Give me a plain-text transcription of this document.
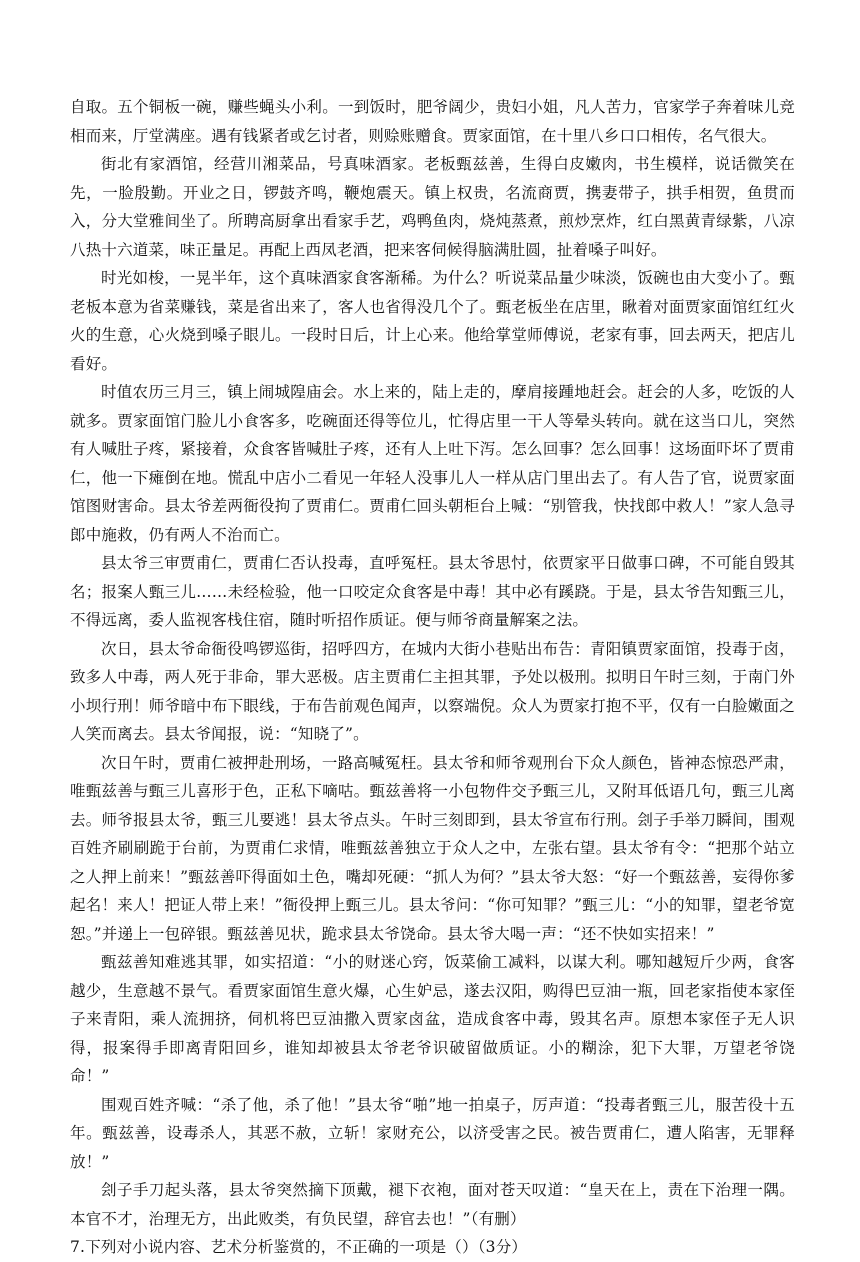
自取。五个铜板一碗，赚些蝇头小利。一到饭时，肥爷阔少，贵妇小姐，凡人苦力，官家学子奔着味儿竞相而来，厅堂满座。遇有钱紧者或乞讨者，则赊账赠食。贾家面馆，在十里八乡口口相传，名气很大。

街北有家酒馆，经营川湘菜品，号真味酒家。老板甄兹善，生得白皮嫩肉，书生模样，说话微笑在先，一脸殷勤。开业之日，锣鼓齐鸣，鞭炮震天。镇上权贵，名流商贾，携妻带子，拱手相贺，鱼贯而入，分大堂雅间坐了。所聘高厨拿出看家手艺，鸡鸭鱼肉，烧炖蒸煮，煎炒烹炸，红白黑黄青绿紫，八凉八热十六道菜，味正量足。再配上西凤老酒，把来客伺候得脑满肚圆，扯着嗓子叫好。

时光如梭，一晃半年，这个真味酒家食客渐稀。为什么？听说菜品量少味淡，饭碗也由大变小了。甄老板本意为省菜赚钱，菜是省出来了，客人也省得没几个了。甄老板坐在店里，瞅着对面贾家面馆红红火火的生意，心火烧到嗓子眼儿。一段时日后，计上心来。他给掌堂师傅说，老家有事，回去两天，把店儿看好。

时值农历三月三，镇上闹城隍庙会。水上来的，陆上走的，摩肩接踵地赶会。赶会的人多，吃饭的人就多。贾家面馆门脸儿小食客多，吃碗面还得等位儿，忙得店里一干人等晕头转向。就在这当口儿，突然有人喊肚子疼，紧接着，众食客皆喊肚子疼，还有人上吐下泻。怎么回事？怎么回事！这场面吓坏了贾甫仁，他一下瘫倒在地。慌乱中店小二看见一年轻人没事儿人一样从店门里出去了。有人告了官，说贾家面馆图财害命。县太爷差两衙役拘了贾甫仁。贾甫仁回头朝柜台上喊：“别管我，快找郎中救人！”家人急寻郎中施救，仍有两人不治而亡。

县太爷三审贾甫仁，贾甫仁否认投毒，直呼冤枉。县太爷思忖，依贾家平日做事口碑，不可能自毁其名；报案人甄三儿……未经检验，他一口咬定众食客是中毒！其中必有蹊跷。于是，县太爷告知甄三儿，不得远离，委人监视客栈住宿，随时听招作质证。便与师爷商量解案之法。

次日，县太爷命衙役鸣锣巡街，招呼四方，在城内大街小巷贴出布告：青阳镇贾家面馆，投毒于卤，致多人中毒，两人死于非命，罪大恶极。店主贾甫仁主担其罪，予处以极刑。拟明日午时三刻，于南门外小坝行刑！师爷暗中布下眼线，于布告前观色闻声，以察端倪。众人为贾家打抱不平，仅有一白脸嫩面之人笑而离去。县太爷闻报，说：“知晓了”。

次日午时，贾甫仁被押赴刑场，一路高喊冤枉。县太爷和师爷观刑台下众人颜色，皆神态惊恐严肃，唯甄兹善与甄三儿喜形于色，正私下嘀咕。甄兹善将一小包物件交予甄三儿，又附耳低语几句，甄三儿离去。师爷报县太爷，甄三儿要逃！县太爷点头。午时三刻即到，县太爷宣布行刑。刽子手举刀瞬间，围观百姓齐刷刷跪于台前，为贾甫仁求情，唯甄兹善独立于众人之中，左张右望。县太爷有令：“把那个站立之人押上前来！”甄兹善吓得面如土色，嘴却死硬：“抓人为何？”县太爷大怒：“好一个甄兹善，妄得你爹起名！来人！把证人带上来！”衙役押上甄三儿。县太爷问：“你可知罪？”甄三儿：“小的知罪，望老爷宽恕。”并递上一包碎银。甄兹善见状，跪求县太爷饶命。县太爷大喝一声：“还不快如实招来！”

甄兹善知难逃其罪，如实招道：“小的财迷心窍，饭菜偷工减料，以谋大利。哪知越短斤少两，食客越少，生意越不景气。看贾家面馆生意火爆，心生妒忌，遂去汉阳，购得巴豆油一瓶，回老家指使本家侄子来青阳，乘人流拥挤，伺机将巴豆油撒入贾家卤盆，造成食客中毒，毁其名声。原想本家侄子无人识得，报案得手即离青阳回乡，谁知却被县太爷老爷识破留做质证。小的糊涂，犯下大罪，万望老爷饶命！”

围观百姓齐喊：“杀了他，杀了他！”县太爷“啪”地一拍桌子，厉声道：“投毒者甄三儿，服苦役十五年。甄兹善，设毒杀人，其恶不赦，立斩！家财充公，以济受害之民。被告贾甫仁，遭人陷害，无罪释放！”

刽子手刀起头落，县太爷突然摘下顶戴，褪下衣袍，面对苍天叹道：“皇天在上，责在下治理一隅。本官不才，治理无方，出此败类，有负民望，辞官去也！”（有删）

7.下列对小说内容、艺术分析鉴赏的，不正确的一项是（）（3分）
